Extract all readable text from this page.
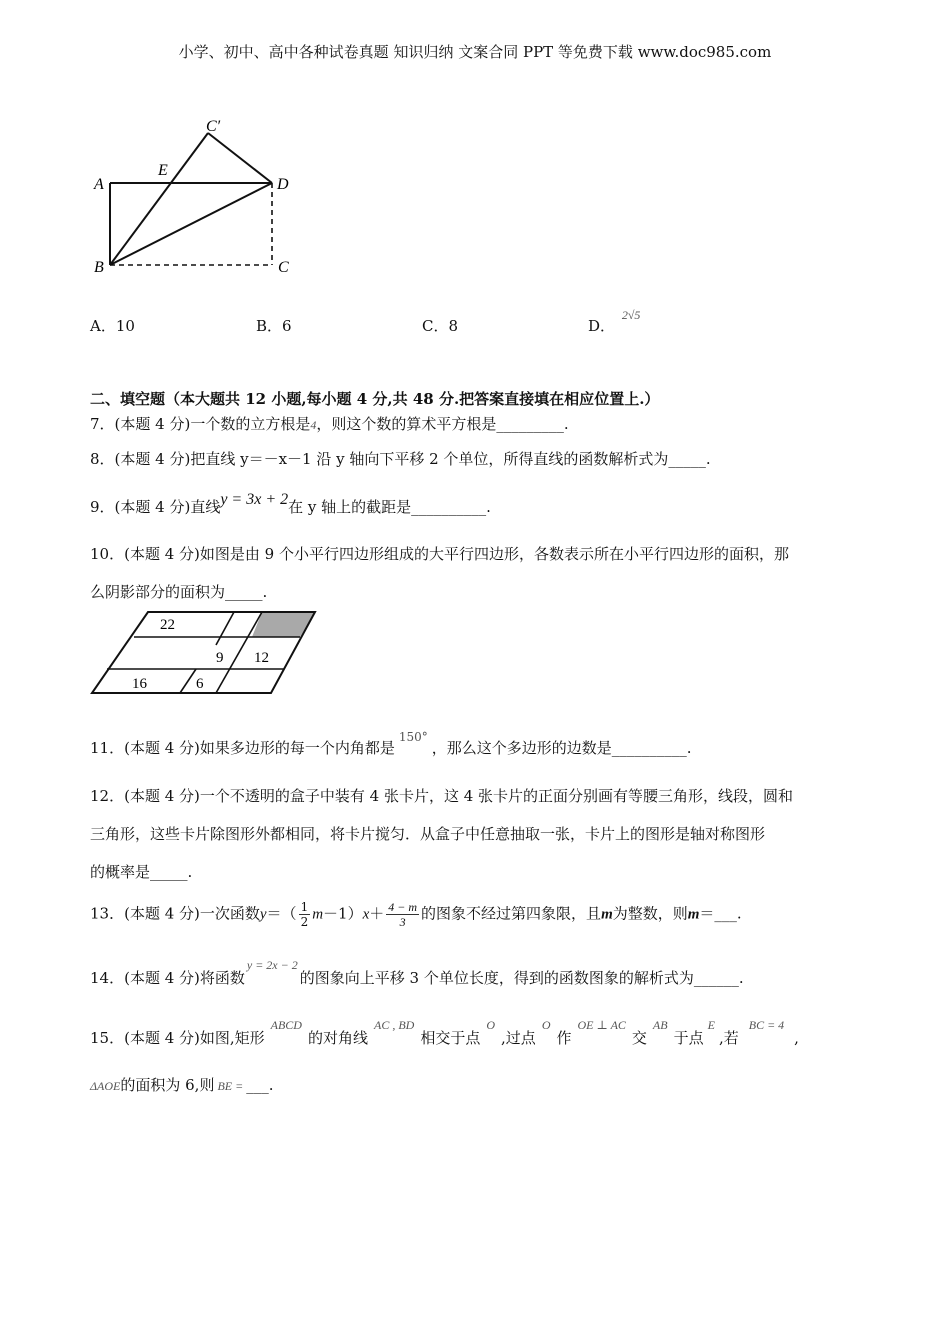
小学、初中、高中各种试卷真题 知识归纳 文案合同 PPT 等免费下载 www.doc985.com
A
B	C
D
E
C′
A．10	B．6	C．8	D． $^{2√5}$
二、填空题（本大题共 12 小题,每小题 4 分,共 48 分.把答案直接填在相应位置上.）
7．(本题 4 分)一个数的立方根是4，则这个数的算术平方根是_________.
8．(本题 4 分)把直线 y＝－x－1 沿 y 轴向下平移 2 个单位，所得直线的函数解析式为_____.
9．(本题 4 分)直线y = 3x + 2在 y 轴上的截距是__________.
10．(本题 4 分)如图是由 9 个小平行四边形组成的大平行四边形，各数表示所在小平行四边形的面积，那
么阴影部分的面积为_____.
22
9 12
16	6
11．(本题 4 分)如果多边形的每一个内角都是$^{150^\circ}$，那么这个多边形的边数是__________.
12．(本题 4 分)一个不透明的盒子中装有 4 张卡片，这 4 张卡片的正面分别画有等腰三角形，线段，圆和
三角形，这些卡片除图形外都相同，将卡片搅匀．从盒子中任意抽取一张，卡片上的图形是轴对称图形
的概率是_____.
13．(本题 4 分)一次函数$y=( \frac{1}{2} m-1)x+ \frac{4 - m}{3}$ 的图象不经过第四象限，且m为整数，则m＝___.
14．(本题 4 分)将函数$^{y = 2x - 2}$的图象向上平移 3 个单位长度，得到的函数图象的解析式为______.
15．(本题 4 分)如图,矩形$^{ABCD}$的对角线$^{AC , BD}$相交于点$^O$,过点$^O$作$^{OE \perp AC}$交$^{AB}$于点$^E$,若$^{BC = 4}$,
ΔAOE的面积为 6,则 BE = ___.
